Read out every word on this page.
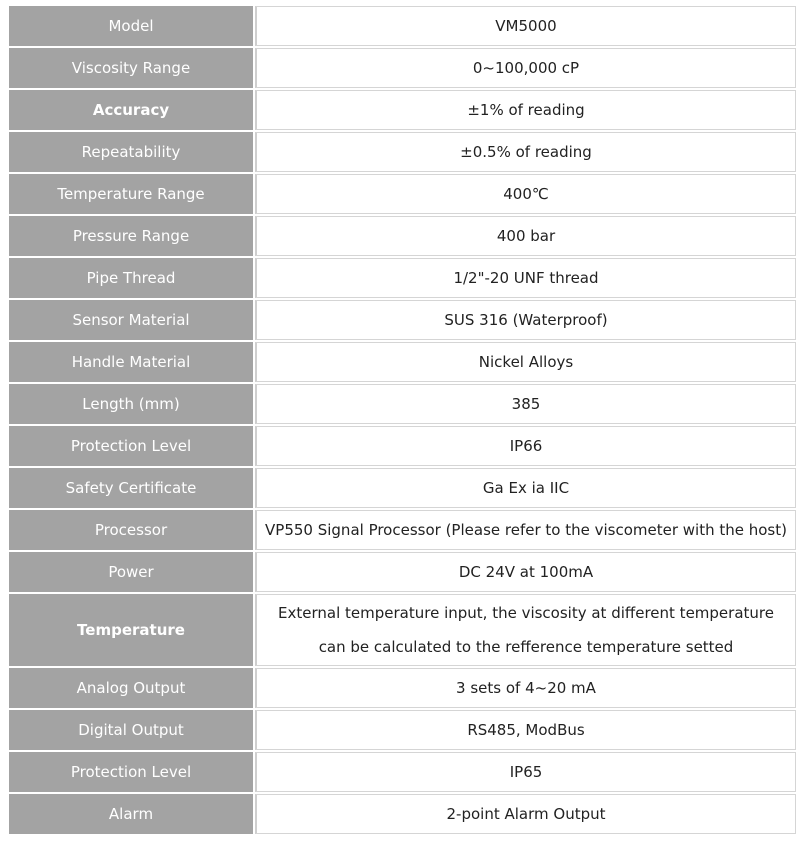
Model	VM5000
Viscosity Range	0~100,000 cP
Accuracy	±1% of reading
Repeatability	±0.5% of reading
Temperature Range	400℃
Pressure Range	400 bar
Pipe Thread	1/2"-20 UNF thread
Sensor Material	SUS 316 (Waterproof)
Handle Material	Nickel Alloys
Length (mm)	385
Protection Level	IP66
Safety Certificate	Ga Ex ia IIC
Processor	VP550 Signal Processor (Please refer to the viscometer with the host)
Power	DC 24V at 100mA
Temperature	External temperature input, the viscosity at different temperature
can be calculated to the refference temperature setted

Analog Output	3 sets of 4~20 mA
Digital Output	RS485, ModBus
Protection Level	IP65
Alarm	2-point Alarm Output
